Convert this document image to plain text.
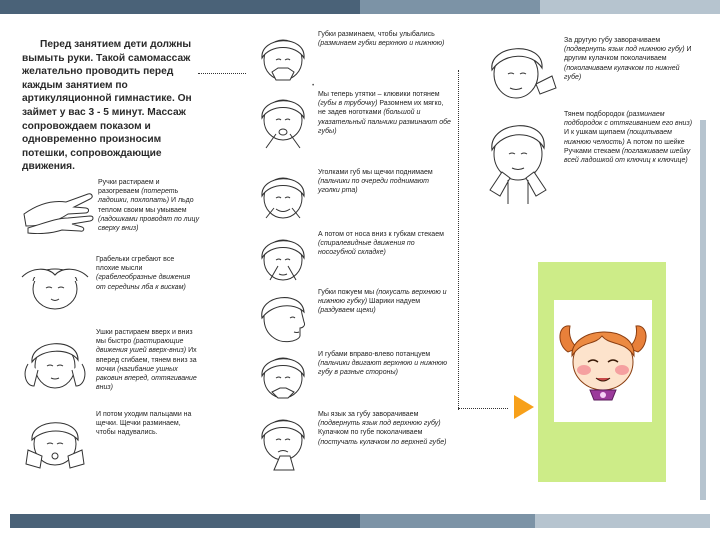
Перед занятием дети должны вымыть руки. Такой самомассаж желательно проводить перед каждым занятием по артикуляционной гимнастике. Он займет у вас 3 - 5 минут. Массаж сопровождаем показом и одновременно произносим потешки, сопровождающие движения.
Ручки растираем и разогреваем (потереть ладошки, похлопать) И льдо теплом своим мы умываем (ладошками проводят по лицу сверху вниз)
Грабельки сгребают все плохие мысли (грабелеобразные движения от середины лба к вискам)
Ушки растираем вверх и вниз мы быстро (растирающие движения ушей вверх-вниз) Их вперед сгибаем, тянем вниз за мочки (нагибание ушных раковин вперед, оттягивание вниз)
И потом уходим пальцами на щечки. Щечки разминаем, чтобы надувались.
Губки разминаем, чтобы улыбались (разминаем губки верхнюю и нижнюю)
•
Мы теперь утятки – клювики потянем (губы в трубочку) Разомнем их мягко, не задев ноготками (большой и указательный пальчики разминают обе губы)
Уголками губ мы щечки поднимаем (пальчики по очереди поднимают уголки рта)
А потом от носа вниз к губкам стекаем (спиралевидные движения по носогубной складке)
Губки пожуем мы (покусать верхнюю и нижнюю губку) Шарики надуем (раздуваем щеки)
И губами вправо-влево потанцуем (пальчики двигают верхнюю и нижнюю губу в разные стороны)
Мы язык за губу заворачиваем (подвернуть язык под верхнюю губу) Кулачком по губе поколачиваем (постучать кулачком по верхней губе)
За другую губу заворачиваем (подвернуть язык под нижнюю губу) И другим кулачком поколачиваем (поколачиваем кулачком по нижней губе)
Тянем подбородок (разминаем подбородок с оттягиванием его вниз) И к ушкам щипаем (пощипываем нижнюю челюсть) А потом по шейке Ручками стекаем (поглаживаем шейку всей ладошкой от ключиц к ключице)
